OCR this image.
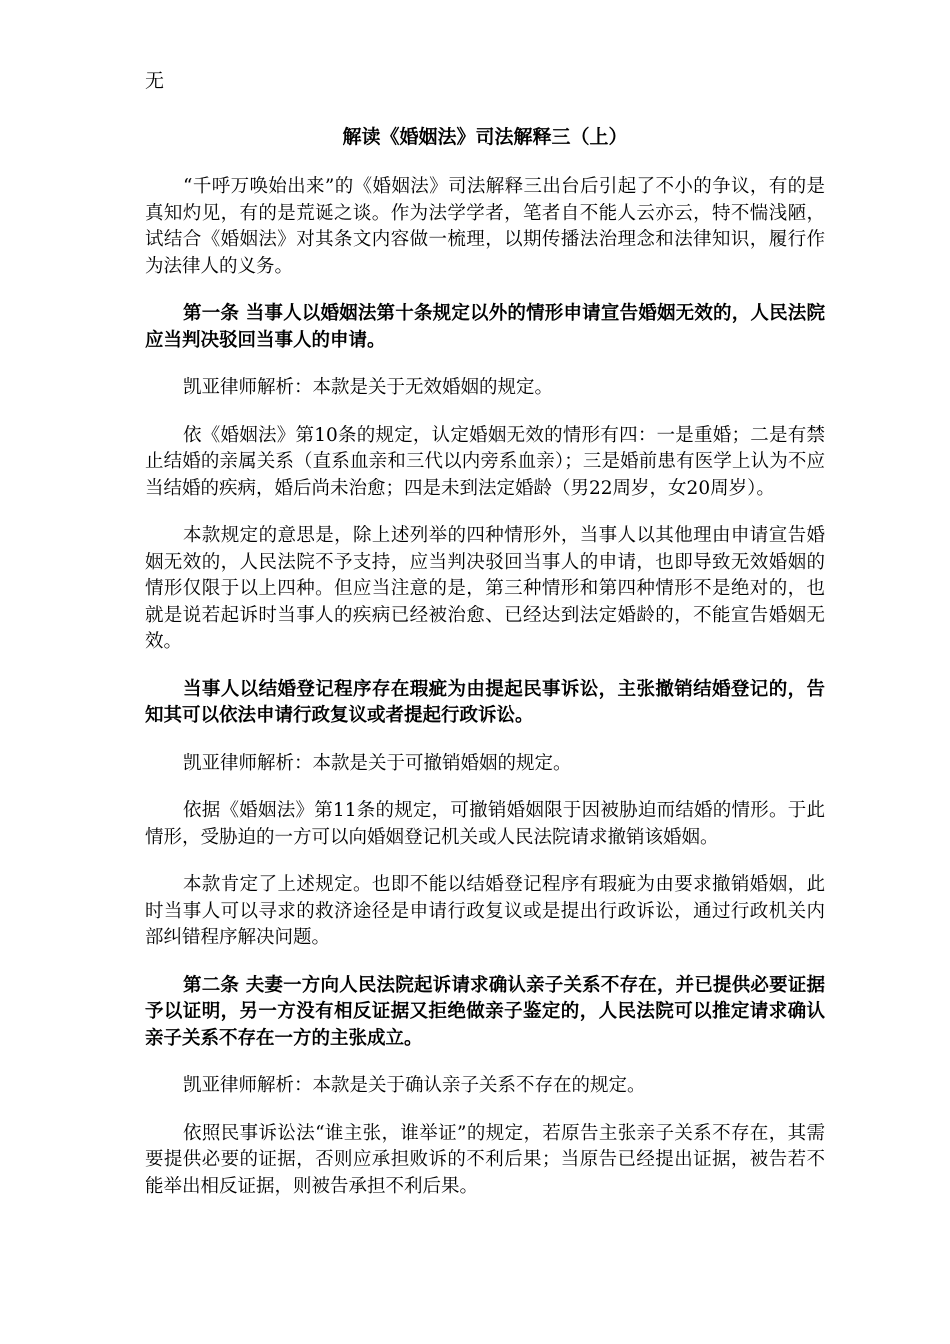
无
解读《婚姻法》司法解释三（上）

“千呼万唤始出来”的《婚姻法》司法解释三出台后引起了不小的争议，有的是真知灼见，有的是荒诞之谈。作为法学学者，笔者自不能人云亦云，特不惴浅陋，试结合《婚姻法》对其条文内容做一梳理，以期传播法治理念和法律知识，履行作为法律人的义务。

第一条 当事人以婚姻法第十条规定以外的情形申请宣告婚姻无效的，人民法院应当判决驳回当事人的申请。

凯亚律师解析：本款是关于无效婚姻的规定。

依《婚姻法》第10条的规定，认定婚姻无效的情形有四：一是重婚；二是有禁止结婚的亲属关系（直系血亲和三代以内旁系血亲）；三是婚前患有医学上认为不应当结婚的疾病，婚后尚未治愈；四是未到法定婚龄（男22周岁，女20周岁）。

本款规定的意思是，除上述列举的四种情形外，当事人以其他理由申请宣告婚姻无效的，人民法院不予支持，应当判决驳回当事人的申请，也即导致无效婚姻的情形仅限于以上四种。但应当注意的是，第三种情形和第四种情形不是绝对的，也就是说若起诉时当事人的疾病已经被治愈、已经达到法定婚龄的，不能宣告婚姻无效。

当事人以结婚登记程序存在瑕疵为由提起民事诉讼，主张撤销结婚登记的，告知其可以依法申请行政复议或者提起行政诉讼。

凯亚律师解析：本款是关于可撤销婚姻的规定。

依据《婚姻法》第11条的规定，可撤销婚姻限于因被胁迫而结婚的情形。于此情形，受胁迫的一方可以向婚姻登记机关或人民法院请求撤销该婚姻。

本款肯定了上述规定。也即不能以结婚登记程序有瑕疵为由要求撤销婚姻，此时当事人可以寻求的救济途径是申请行政复议或是提出行政诉讼，通过行政机关内部纠错程序解决问题。

第二条 夫妻一方向人民法院起诉请求确认亲子关系不存在，并已提供必要证据予以证明，另一方没有相反证据又拒绝做亲子鉴定的，人民法院可以推定请求确认亲子关系不存在一方的主张成立。

凯亚律师解析：本款是关于确认亲子关系不存在的规定。

依照民事诉讼法“谁主张，谁举证”的规定，若原告主张亲子关系不存在，其需要提供必要的证据，否则应承担败诉的不利后果；当原告已经提出证据，被告若不能举出相反证据，则被告承担不利后果。
